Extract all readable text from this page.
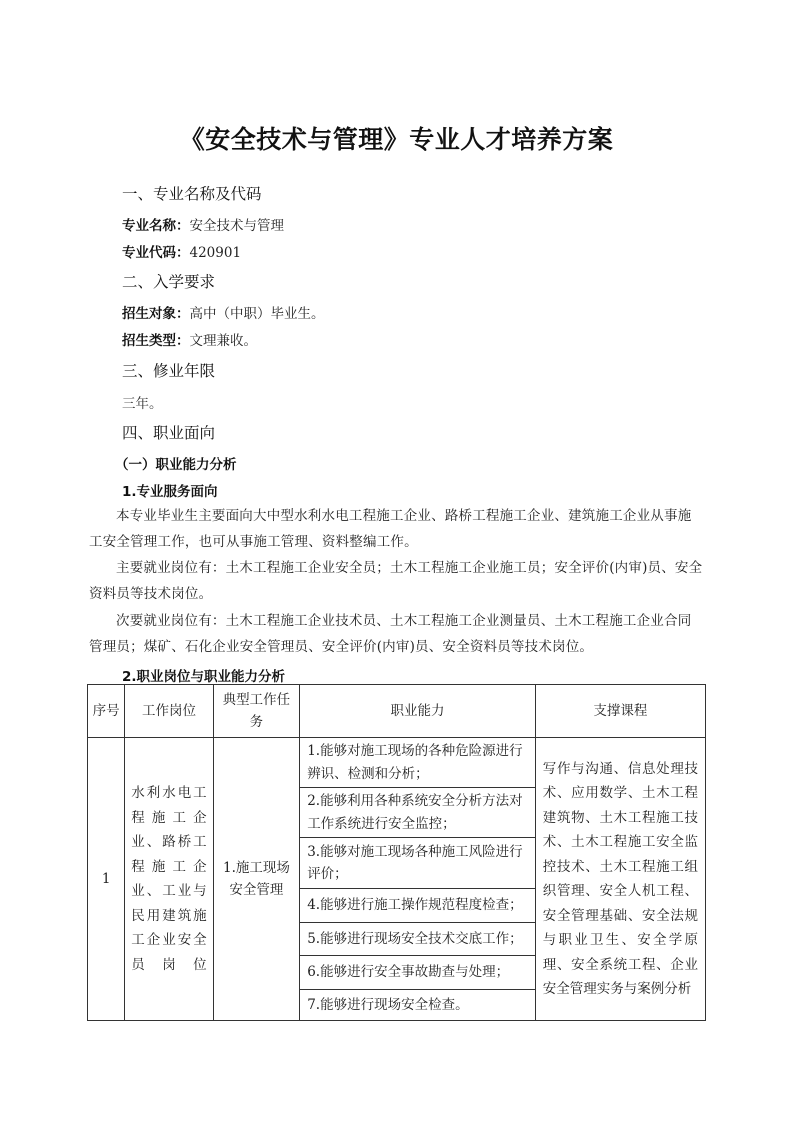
《安全技术与管理》专业人才培养方案
一、专业名称及代码
专业名称：安全技术与管理
专业代码：420901
二、入学要求
招生对象：高中（中职）毕业生。
招生类型：文理兼收。
三、修业年限
三年。
四、职业面向
（一）职业能力分析
1.专业服务面向
本专业毕业生主要面向大中型水利水电工程施工企业、路桥工程施工企业、建筑施工企业从事施工安全管理工作，也可从事施工管理、资料整编工作。
主要就业岗位有：土木工程施工企业安全员；土木工程施工企业施工员；安全评价(内审)员、安全资料员等技术岗位。
次要就业岗位有：土木工程施工企业技术员、土木工程施工企业测量员、土木工程施工企业合同管理员；煤矿、石化企业安全管理员、安全评价(内审)员、安全资料员等技术岗位。
2.职业岗位与职业能力分析
序号	工作岗位	典型工作任务	职业能力	支撑课程
1	水利水电工程施工企业、路桥工程施工企业、工业与民用建筑施工企业安全员岗位	1.施工现场安全管理	1.能够对施工现场的各种危险源进行辨识、检测和分析；	写作与沟通、信息处理技术、应用数学、土木工程建筑物、土木工程施工技术、土木工程施工安全监控技术、土木工程施工组织管理、安全人机工程、安全管理基础、安全法规与职业卫生、安全学原理、安全系统工程、企业安全管理实务与案例分析
			2.能够利用各种系统安全分析方法对工作系统进行安全监控；	
			3.能够对施工现场各种施工风险进行评价；	
			4.能够进行施工操作规范程度检查；	
			5.能够进行现场安全技术交底工作；	
			6.能够进行安全事故勘查与处理；	
			7.能够进行现场安全检查。	
